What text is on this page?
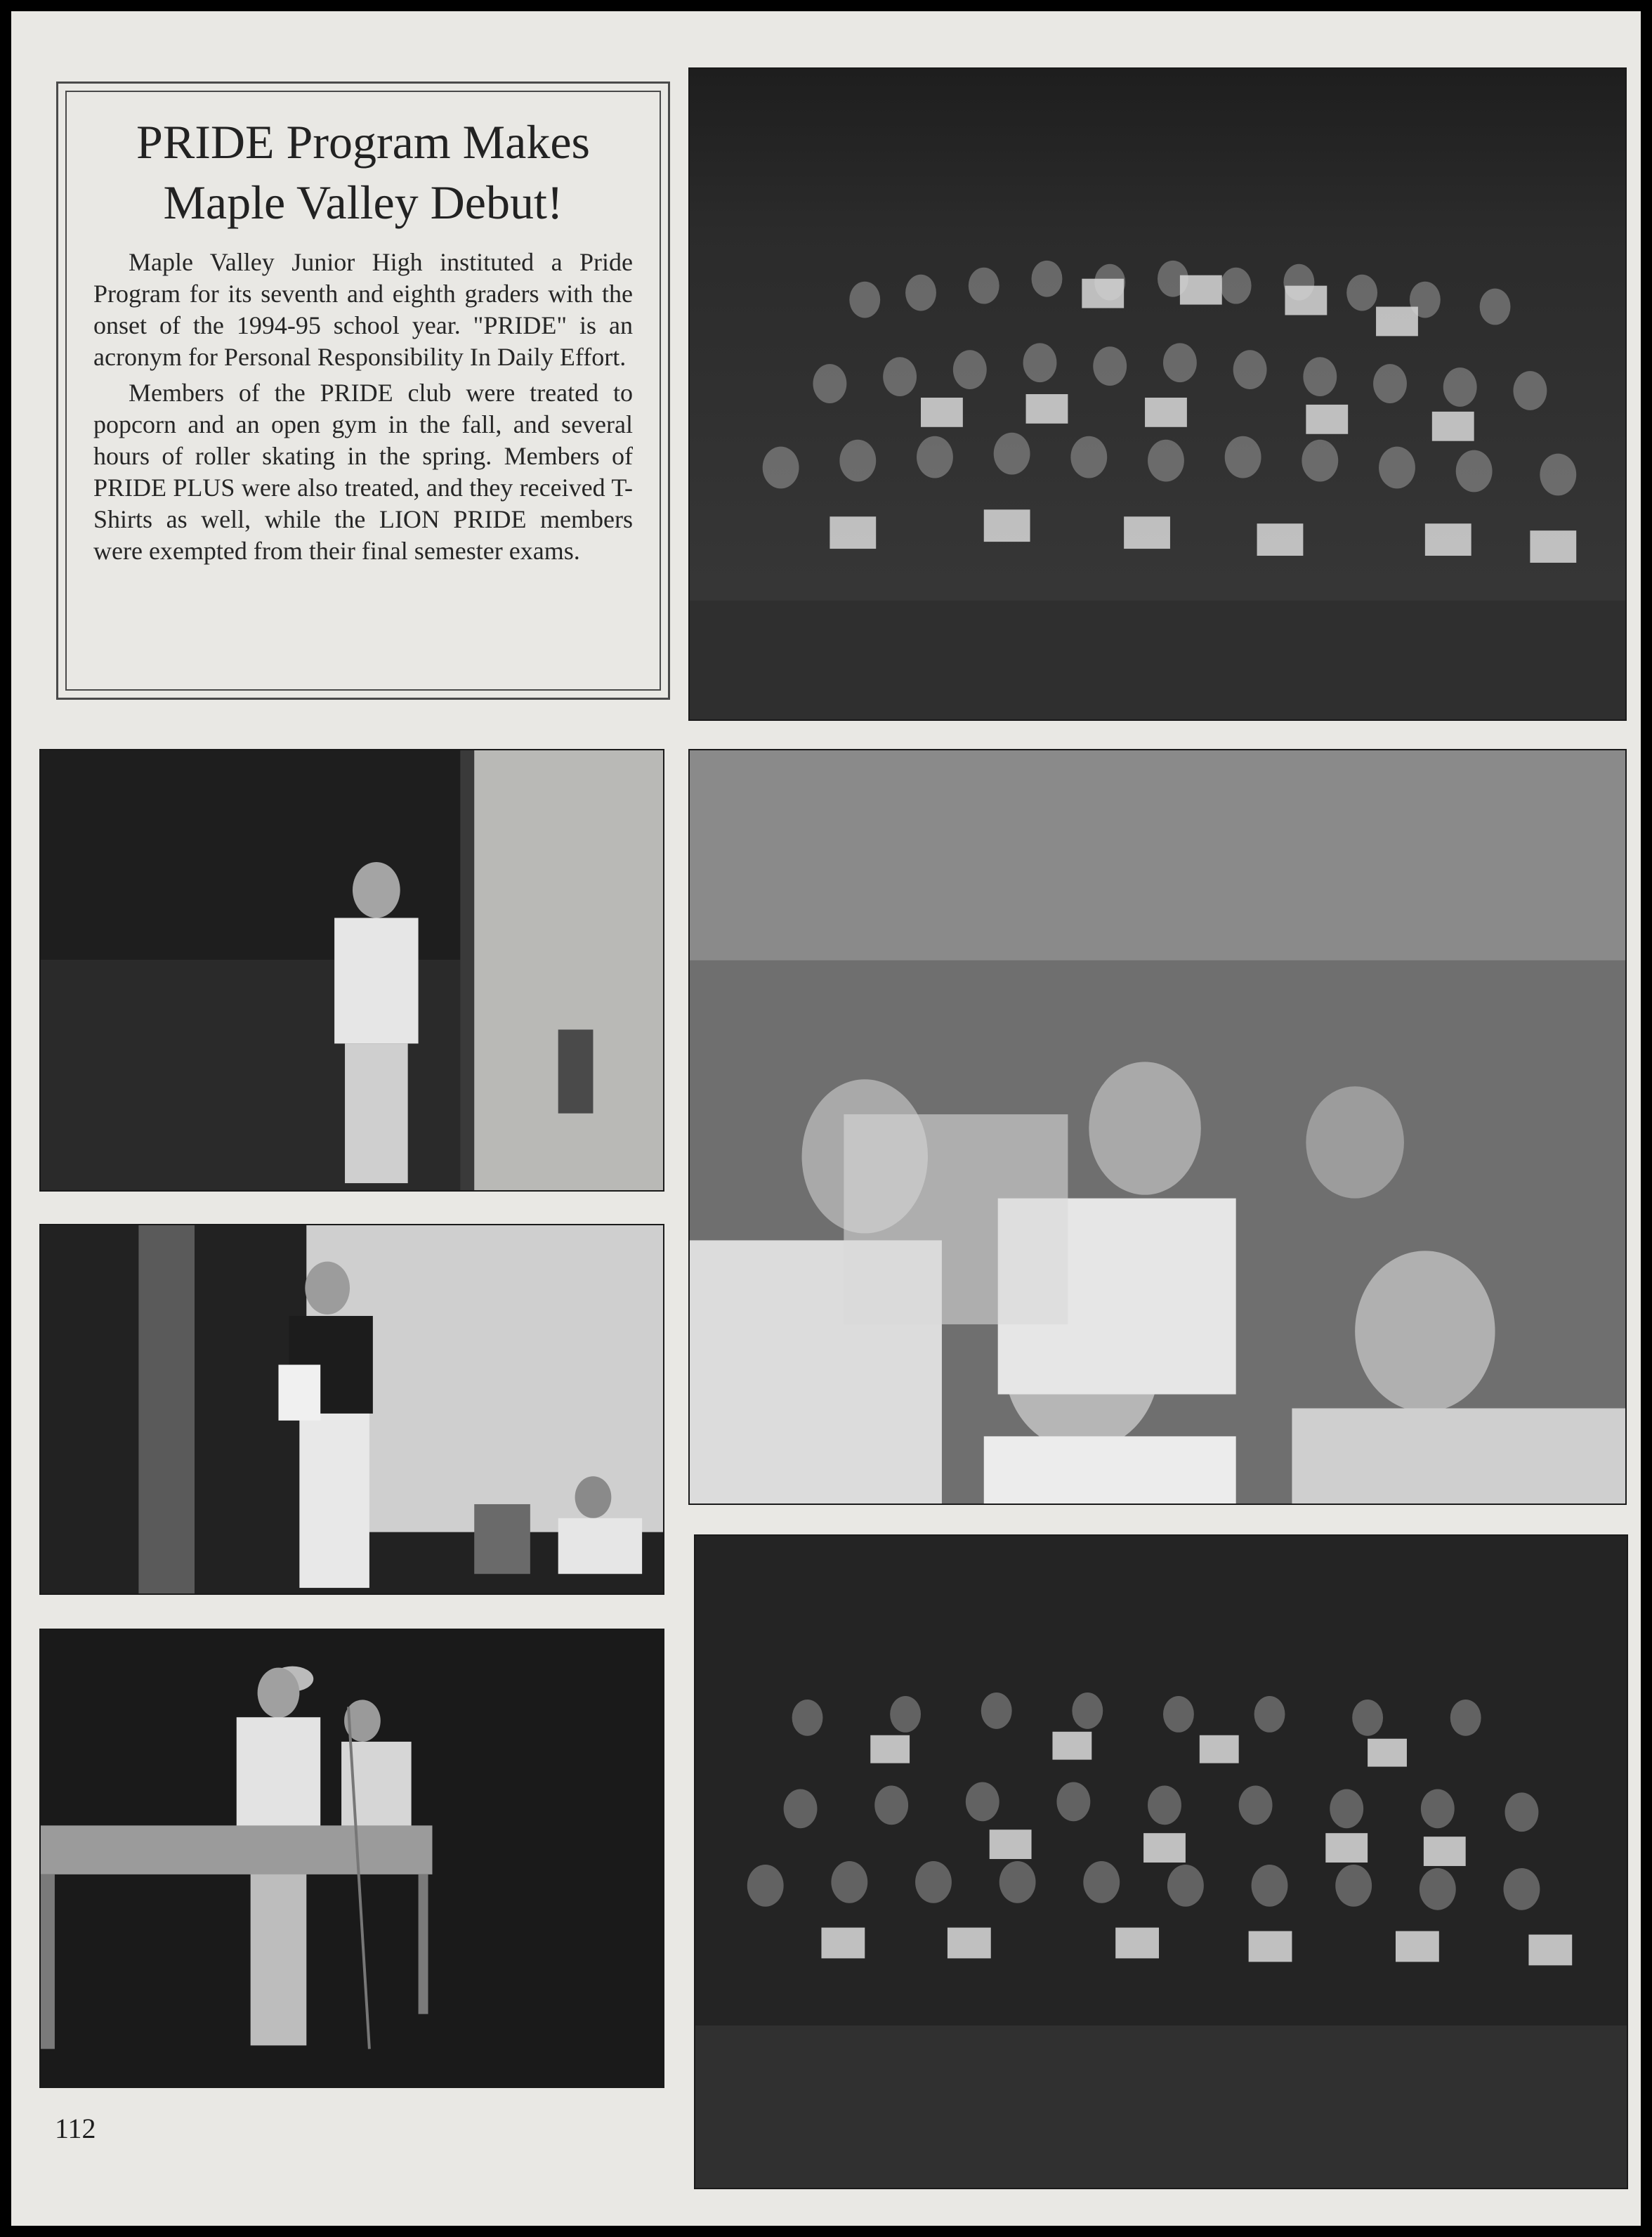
PRIDE Program Makes
Maple Valley Debut!

Maple Valley Junior High instituted a Pride Program for its seventh and eighth graders with the onset of the 1994-95 school year. "PRIDE" is an acronym for Personal Responsibility In Daily Effort.

Members of the PRIDE club were treated to popcorn and an open gym in the fall, and several hours of roller skating in the spring. Members of PRIDE PLUS were also treated, and they received T-Shirts as well, while the LION PRIDE members were exempted from their final semester exams.

112
